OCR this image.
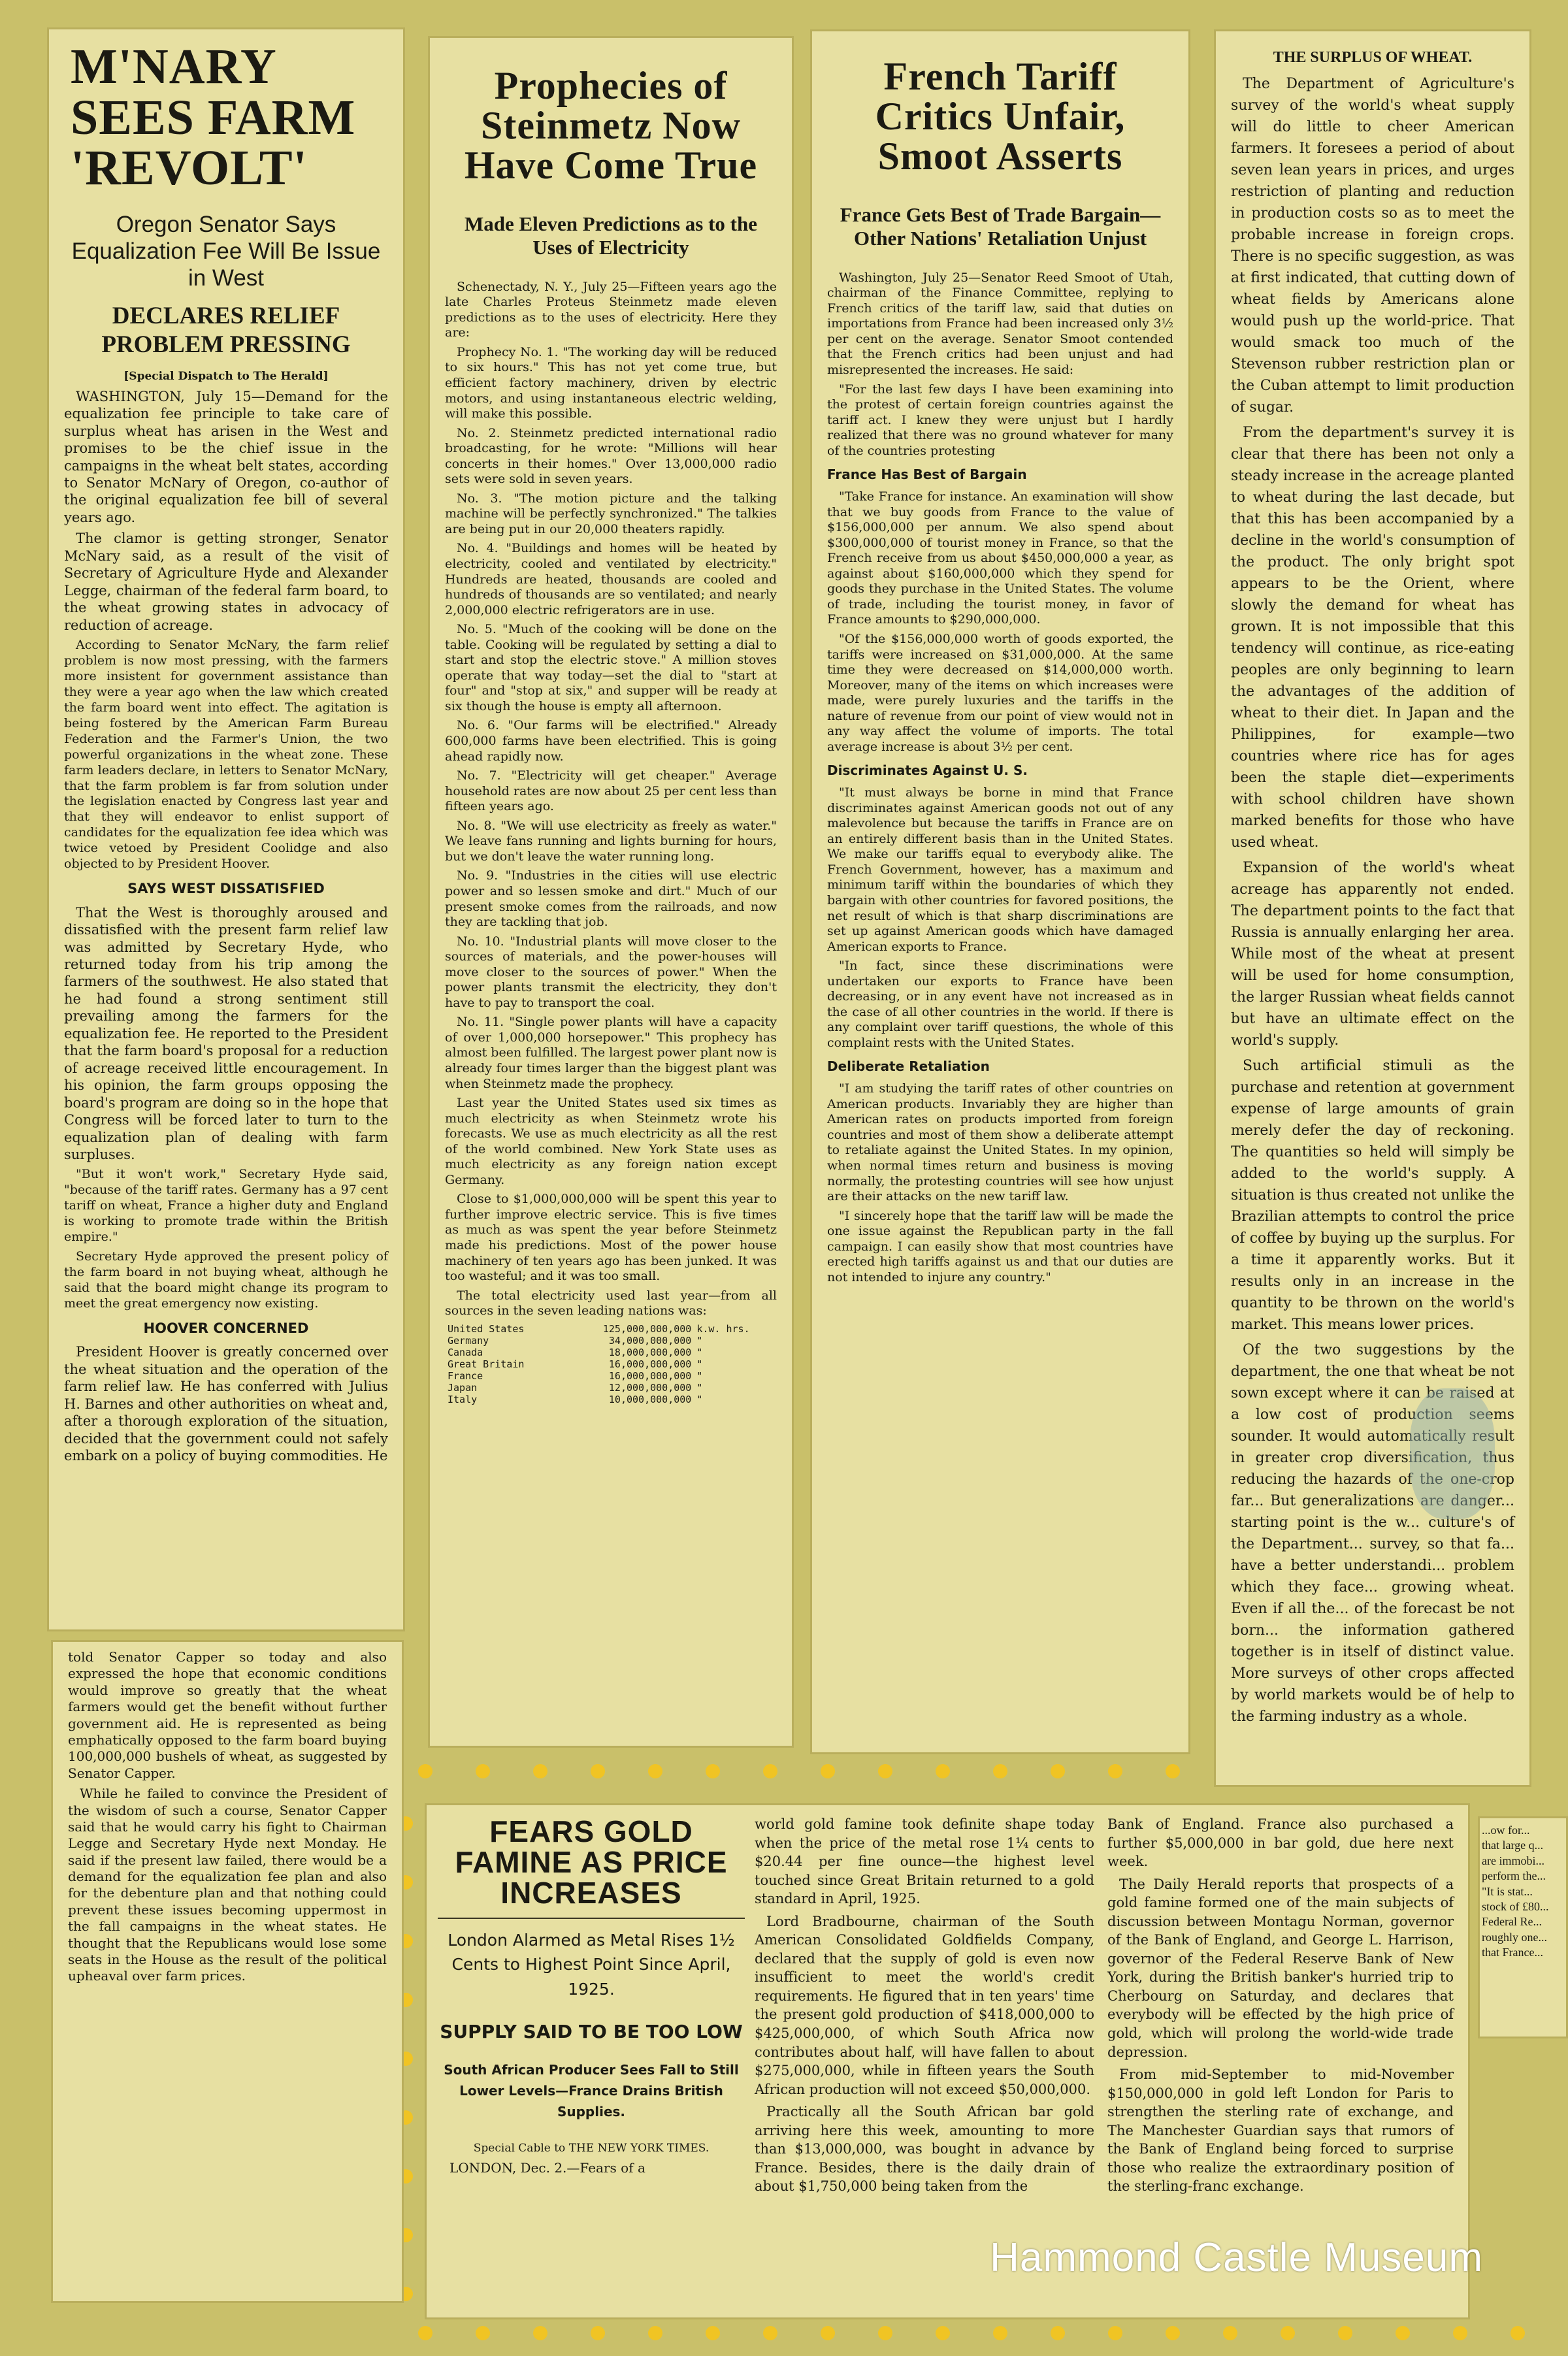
M'NARY SEES FARM 'REVOLT'
Oregon Senator Says Equalization Fee Will Be Issue in West
DECLARES RELIEF PROBLEM PRESSING
[Special Dispatch to The Herald]

WASHINGTON, July 15—Demand for the equalization fee principle to take care of surplus wheat has arisen in the West and promises to be the chief issue in the campaigns in the wheat belt states, according to Senator McNary of Oregon, co-author of the original equalization fee bill of several years ago.

The clamor is getting stronger, Senator McNary said, as a result of the visit of Secretary of Agriculture Hyde and Alexander Legge, chairman of the federal farm board, to the wheat growing states in advocacy of reduction of acreage.

According to Senator McNary, the farm relief problem is now most pressing, with the farmers more insistent for government assistance than they were a year ago when the law which created the farm board went into effect. The agitation is being fostered by the American Farm Bureau Federation and the Farmer's Union, the two powerful organizations in the wheat zone. These farm leaders declare, in letters to Senator McNary, that the farm problem is far from solution under the legislation enacted by Congress last year and that they will endeavor to enlist support of candidates for the equalization fee idea which was twice vetoed by President Coolidge and also objected to by President Hoover.

SAYS WEST DISSATISFIED

That the West is thoroughly aroused and dissatisfied with the present farm relief law was admitted by Secretary Hyde, who returned today from his trip among the farmers of the southwest. He also stated that he had found a strong sentiment still prevailing among the farmers for the equalization fee. He reported to the President that the farm board's proposal for a reduction of acreage received little encouragement. In his opinion, the farm groups opposing the board's program are doing so in the hope that Congress will be forced later to turn to the equalization plan of dealing with farm surpluses.

"But it won't work," Secretary Hyde said, "because of the tariff rates. Germany has a 97 cent tariff on wheat, France a higher duty and England is working to promote trade within the British empire."

Secretary Hyde approved the present policy of the farm board in not buying wheat, although he said that the board might change its program to meet the great emergency now existing.

HOOVER CONCERNED

President Hoover is greatly concerned over the wheat situation and the operation of the farm relief law. He has conferred with Julius H. Barnes and other authorities on wheat and, after a thorough exploration of the situation, decided that the government could not safely embark on a policy of buying commodities. He

told Senator Capper so today and also expressed the hope that economic conditions would improve so greatly that the wheat farmers would get the benefit without further government aid. He is represented as being emphatically opposed to the farm board buying 100,000,000 bushels of wheat, as suggested by Senator Capper.

While he failed to convince the President of the wisdom of such a course, Senator Capper said that he would carry his fight to Chairman Legge and Secretary Hyde next Monday. He said if the present law failed, there would be a demand for the equalization fee plan and also for the debenture plan and that nothing could prevent these issues becoming uppermost in the fall campaigns in the wheat states. He thought that the Republicans would lose some seats in the House as the result of the political upheaval over farm prices.

Prophecies of Steinmetz Now Have Come True
Made Eleven Predictions as to the Uses of Electricity

Schenectady, N. Y., July 25—Fifteen years ago the late Charles Proteus Steinmetz made eleven predictions as to the uses of electricity. Here they are:

Prophecy No. 1. "The working day will be reduced to six hours." This has not yet come true, but efficient factory machinery, driven by electric motors, and using instantaneous electric welding, will make this possible.

No. 2. Steinmetz predicted international radio broadcasting, for he wrote: "Millions will hear concerts in their homes." Over 13,000,000 radio sets were sold in seven years.

No. 3. "The motion picture and the talking machine will be perfectly synchronized." The talkies are being put in our 20,000 theaters rapidly.

No. 4. "Buildings and homes will be heated by electricity, cooled and ventilated by electricity." Hundreds are heated, thousands are cooled and hundreds of thousands are so ventilated; and nearly 2,000,000 electric refrigerators are in use.

No. 5. "Much of the cooking will be done on the table. Cooking will be regulated by setting a dial to start and stop the electric stove." A million stoves operate that way today—set the dial to "start at four" and "stop at six," and supper will be ready at six though the house is empty all afternoon.

No. 6. "Our farms will be electrified." Already 600,000 farms have been electrified. This is going ahead rapidly now.

No. 7. "Electricity will get cheaper." Average household rates are now about 25 per cent less than fifteen years ago.

No. 8. "We will use electricity as freely as water." We leave fans running and lights burning for hours, but we don't leave the water running long.

No. 9. "Industries in the cities will use electric power and so lessen smoke and dirt." Much of our present smoke comes from the railroads, and now they are tackling that job.

No. 10. "Industrial plants will move closer to the sources of materials, and the power-houses will move closer to the sources of power." When the power plants transmit the electricity, they don't have to pay to transport the coal.

No. 11. "Single power plants will have a capacity of over 1,000,000 horsepower." This prophecy has almost been fulfilled. The largest power plant now is already four times larger than the biggest plant was when Steinmetz made the prophecy.

Last year the United States used six times as much electricity as when Steinmetz wrote his forecasts. We use as much electricity as all the rest of the world combined. New York State uses as much electricity as any foreign nation except Germany.

Close to $1,000,000,000 will be spent this year to further improve electric service. This is five times as much as was spent the year before Steinmetz made his predictions. Most of the power house machinery of ten years ago has been junked. It was too wasteful; and it was too small.

The total electricity used last year—from all sources in the seven leading nations was:

United States	125,000,000,000	k.w. hrs.
Germany	34,000,000,000	"
Canada	18,000,000,000	"
Great Britain	16,000,000,000	"
France	16,000,000,000	"
Japan	12,000,000,000	"
Italy	10,000,000,000	"
French Tariff Critics Unfair, Smoot Asserts
France Gets Best of Trade Bargain—Other Nations' Retaliation Unjust

Washington, July 25—Senator Reed Smoot of Utah, chairman of the Finance Committee, replying to French critics of the tariff law, said that duties on importations from France had been increased only 3½ per cent on the average. Senator Smoot contended that the French critics had been unjust and had misrepresented the increases. He said:

"For the last few days I have been examining into the protest of certain foreign countries against the tariff act. I knew they were unjust but I hardly realized that there was no ground whatever for many of the countries protesting

France Has Best of Bargain

"Take France for instance. An examination will show that we buy goods from France to the value of $156,000,000 per annum. We also spend about $300,000,000 of tourist money in France, so that the French receive from us about $450,000,000 a year, as against about $160,000,000 which they spend for goods they purchase in the United States. The volume of trade, including the tourist money, in favor of France amounts to $290,000,000.

"Of the $156,000,000 worth of goods exported, the tariffs were increased on $31,000,000. At the same time they were decreased on $14,000,000 worth. Moreover, many of the items on which increases were made, were purely luxuries and the tariffs in the nature of revenue from our point of view would not in any way affect the volume of imports. The total average increase is about 3½ per cent.

Discriminates Against U. S.

"It must always be borne in mind that France discriminates against American goods not out of any malevolence but because the tariffs in France are on an entirely different basis than in the United States. We make our tariffs equal to everybody alike. The French Government, however, has a maximum and minimum tariff within the boundaries of which they bargain with other countries for favored positions, the net result of which is that sharp discriminations are set up against American goods which have damaged American exports to France.

"In fact, since these discriminations were undertaken our exports to France have been decreasing, or in any event have not increased as in the case of all other countries in the world. If there is any complaint over tariff questions, the whole of this complaint rests with the United States.

Deliberate Retaliation

"I am studying the tariff rates of other countries on American products. Invariably they are higher than American rates on products imported from foreign countries and most of them show a deliberate attempt to retaliate against the United States. In my opinion, when normal times return and business is moving normally, the protesting countries will see how unjust are their attacks on the new tariff law.

"I sincerely hope that the tariff law will be made the one issue against the Republican party in the fall campaign. I can easily show that most countries have erected high tariffs against us and that our duties are not intended to injure any country."

THE SURPLUS OF WHEAT.

The Department of Agriculture's survey of the world's wheat supply will do little to cheer American farmers. It foresees a period of about seven lean years in prices, and urges restriction of planting and reduction in production costs so as to meet the probable increase in foreign crops. There is no specific suggestion, as was at first indicated, that cutting down of wheat fields by Americans alone would push up the world-price. That would smack too much of the Stevenson rubber restriction plan or the Cuban attempt to limit production of sugar.

From the department's survey it is clear that there has been not only a steady increase in the acreage planted to wheat during the last decade, but that this has been accompanied by a decline in the world's consumption of the product. The only bright spot appears to be the Orient, where slowly the demand for wheat has grown. It is not impossible that this tendency will continue, as rice-eating peoples are only beginning to learn the advantages of the addition of wheat to their diet. In Japan and the Philippines, for example—two countries where rice has for ages been the staple diet—experiments with school children have shown marked benefits for those who have used wheat.

Expansion of the world's wheat acreage has apparently not ended. The department points to the fact that Russia is annually enlarging her area. While most of the wheat at present will be used for home consumption, the larger Russian wheat fields cannot but have an ultimate effect on the world's supply.

Such artificial stimuli as the purchase and retention at government expense of large amounts of grain merely defer the day of reckoning. The quantities so held will simply be added to the world's supply. A situation is thus created not unlike the Brazilian attempts to control the price of coffee by buying up the surplus. For a time it apparently works. But it results only in an increase in the quantity to be thrown on the world's market. This means lower prices.

Of the two suggestions by the department, the one that wheat be not sown except where it can be raised at a low cost of production seems sounder. It would automatically result in greater crop diversification, thus reducing the hazards of the one-crop far... But generalizations are danger... starting point is the w... culture's of the Department... survey, so that fa... have a better understandi... problem which they face... growing wheat. Even if all the... of the forecast be not born... the information gathered together is in itself of distinct value. More surveys of other crops affected by world markets would be of help to the farming industry as a whole.

...ow for...
that large q...
are immobi...
perform the...
"It is stat...
stock of £80...
Federal Re...
roughly one...
that France...
FEARS GOLD FAMINE AS PRICE INCREASES
London Alarmed as Metal Rises 1½ Cents to Highest Point Since April, 1925.
SUPPLY SAID TO BE TOO LOW
South African Producer Sees Fall to Still Lower Levels—France Drains British Supplies.
Special Cable to THE NEW YORK TIMES.

LONDON, Dec. 2.—Fears of a

world gold famine took definite shape today when the price of the metal rose 1¼ cents to $20.44 per fine ounce—the highest level touched since Great Britain returned to a gold standard in April, 1925.

Lord Bradbourne, chairman of the South American Consolidated Goldfields Company, declared that the supply of gold is even now insufficient to meet the world's credit requirements. He figured that in ten years' time the present gold production of $418,000,000 to $425,000,000, of which South Africa now contributes about half, will have fallen to about $275,000,000, while in fifteen years the South African production will not exceed $50,000,000.

Practically all the South African bar gold arriving here this week, amounting to more than $13,000,000, was bought in advance by France. Besides, there is the daily drain of about $1,750,000 being taken from the

Bank of England. France also purchased a further $5,000,000 in bar gold, due here next week.

The Daily Herald reports that prospects of a gold famine formed one of the main subjects of discussion between Montagu Norman, governor of the Bank of England, and George L. Harrison, governor of the Federal Reserve Bank of New York, during the British banker's hurried trip to Cherbourg on Saturday, and declares that everybody will be effected by the high price of gold, which will prolong the world-wide trade depression.

From mid-September to mid-November $150,000,000 in gold left London for Paris to strengthen the sterling rate of exchange, and The Manchester Guardian says that rumors of the Bank of England being forced to surprise those who realize the extraordinary position of the sterling-franc exchange.

Hammond Castle Museum
